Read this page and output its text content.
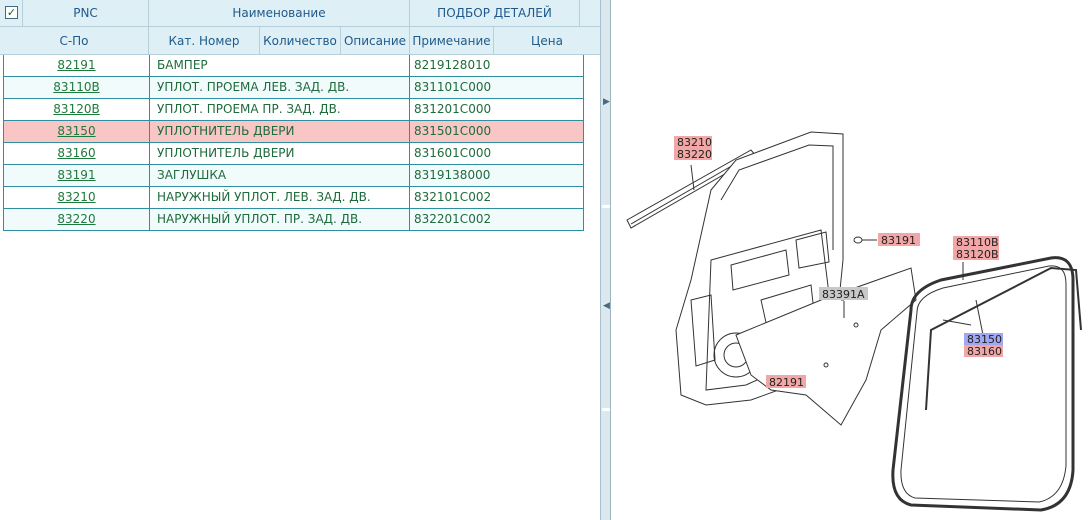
✓	PNC	Наименование	ПОДБОР ДЕТАЛЕЙ
С-По	Кат. Номер	Количество Описание Примечание	Цена
82191	БАМПЕР	8219128010
83110B	УПЛОТ. ПРОЕМА ЛЕВ. ЗАД. ДВ.	831101C000
83120B	УПЛОТ. ПРОЕМА ПР. ЗАД. ДВ.	831201C000
83150	УПЛОТНИТЕЛЬ ДВЕРИ	831501C000
83160	УПЛОТНИТЕЛЬ ДВЕРИ	831601C000
83191	ЗАГЛУШКА	8319138000
83210	НАРУЖНЫЙ УПЛОТ. ЛЕВ. ЗАД. ДВ.	832101C002
83220	НАРУЖНЫЙ УПЛОТ. ПР. ЗАД. ДВ.	832201C002
▶
◀
83210
83220
83191	83110B
83120B
83391A
83150
83160
82191
